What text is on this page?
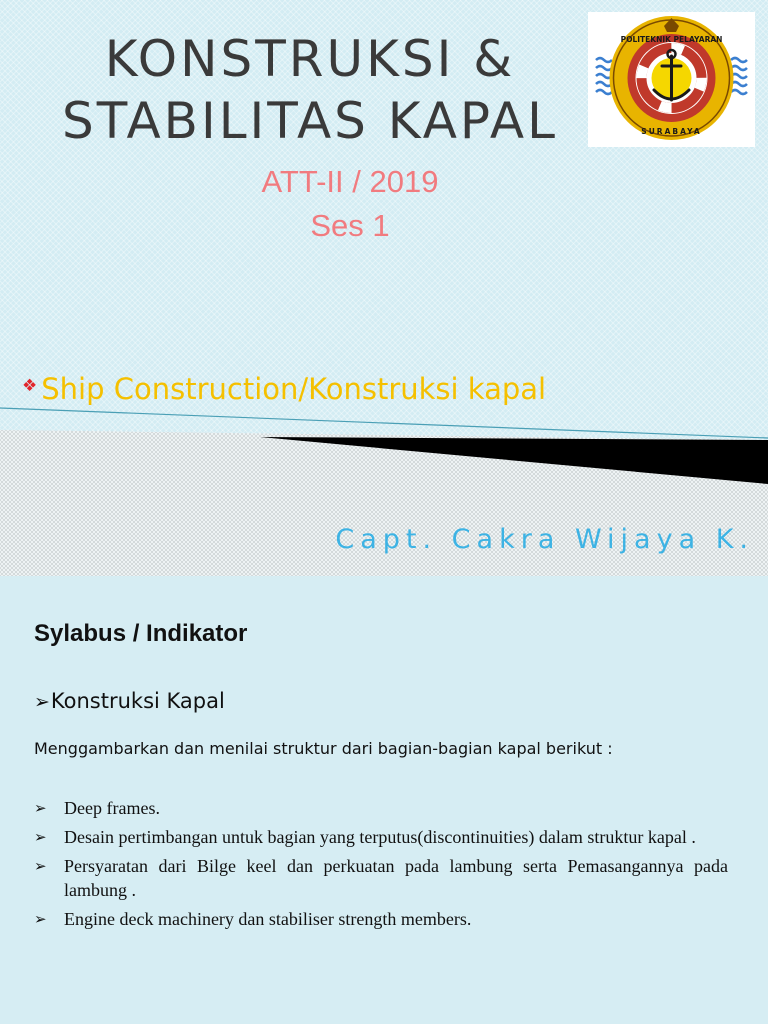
KONSTRUKSI &
STABILITAS KAPAL
ATT-II / 2019
Ses 1
POLITEKNIK PELAYARAN
SURABAYA
❖ Ship Construction/Konstruksi kapal
Capt. Cakra Wijaya K.
Sylabus / Indikator
➢Konstruksi Kapal
Menggambarkan dan menilai struktur dari bagian-bagian kapal berikut :
➢ Deep frames.
➢ Desain pertimbangan untuk bagian yang terputus(discontinuities) dalam struktur kapal .
➢ Persyaratan dari Bilge keel dan perkuatan pada lambung serta Pemasangannya pada lambung .
➢ Engine deck machinery dan stabiliser strength members.
